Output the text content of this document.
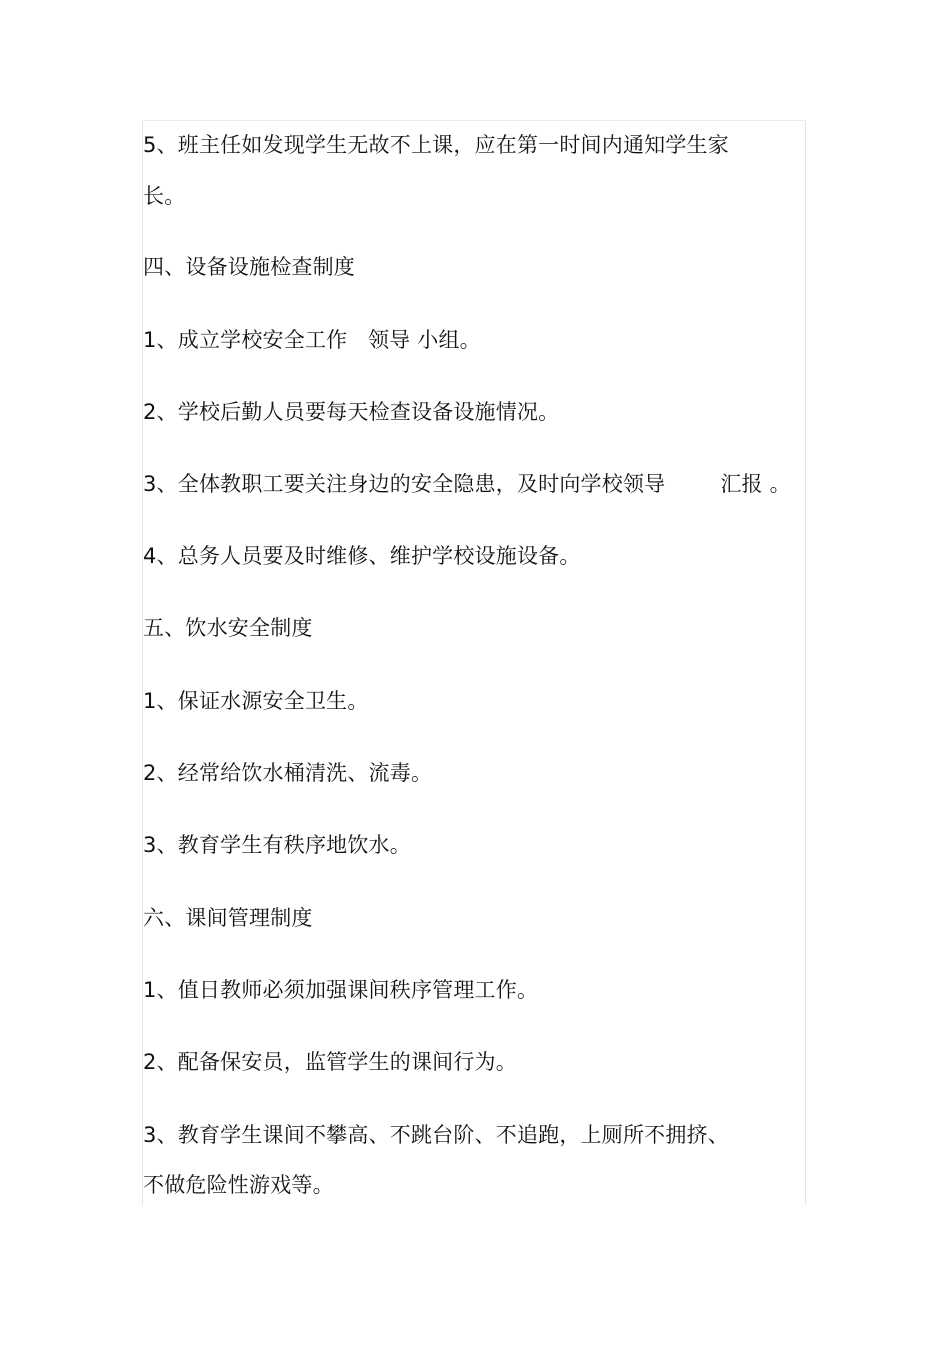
5、班主任如发现学生无故不上课，应在第一时间内通知学生家
长。
四、设备设施检查制度
1、成立学校安全工作   领导 小组。
2、学校后勤人员要每天检查设备设施情况。
3、全体教职工要关注身边的安全隐患，及时向学校领导        汇报 。
4、总务人员要及时维修、维护学校设施设备。
五、饮水安全制度
1、保证水源安全卫生。
2、经常给饮水桶清洗、流毒。
3、教育学生有秩序地饮水。
六、课间管理制度
1、值日教师必须加强课间秩序管理工作。
2、配备保安员，监管学生的课间行为。
3、教育学生课间不攀高、不跳台阶、不追跑，上厕所不拥挤、
不做危险性游戏等。
